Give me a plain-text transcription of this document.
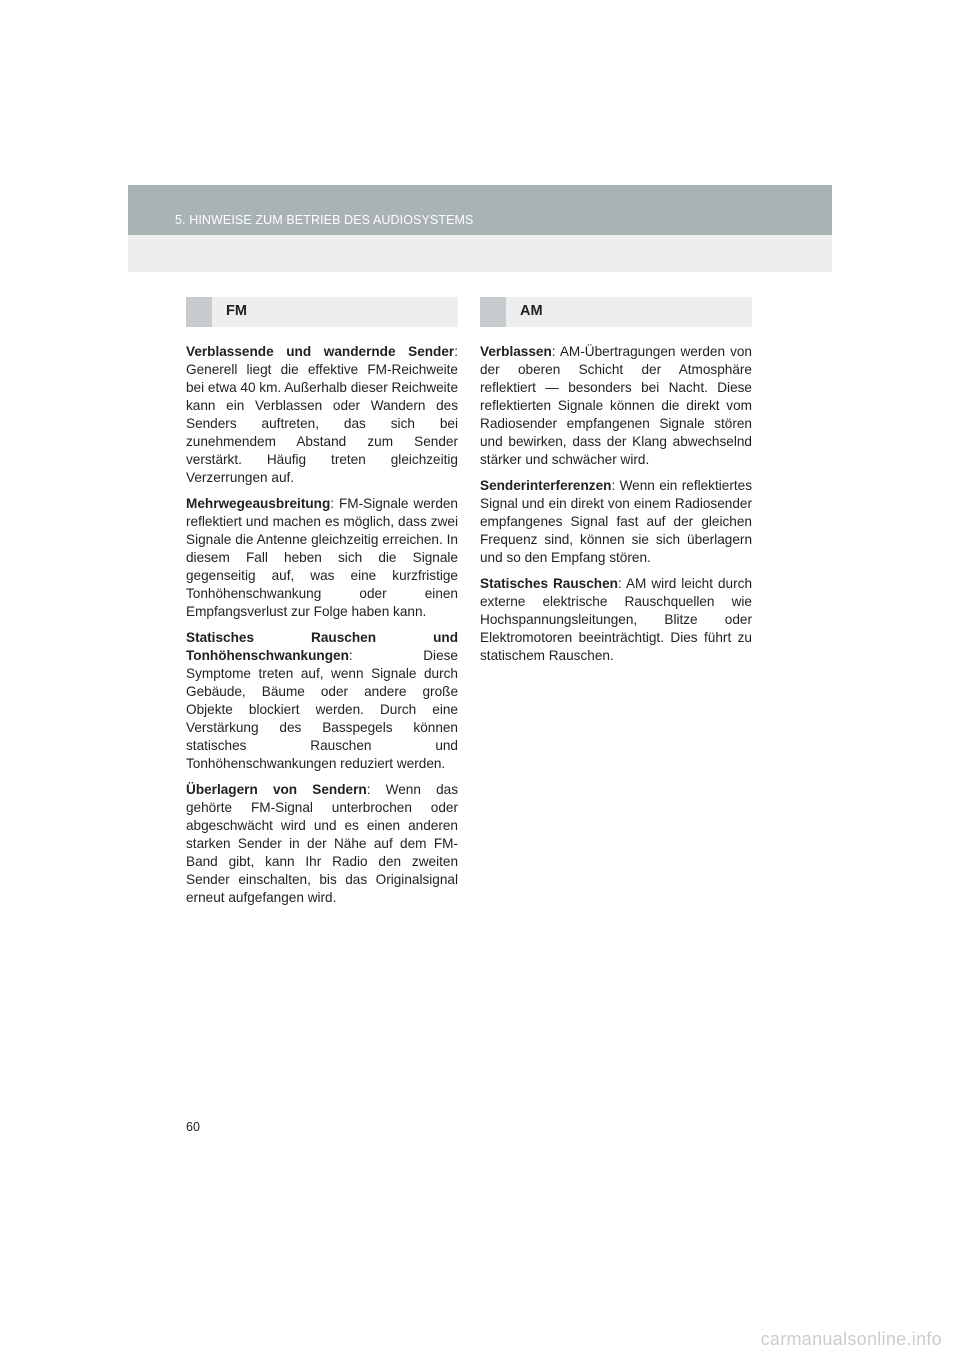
5. HINWEISE ZUM BETRIEB DES AUDIOSYSTEMS
FM

Verblassende und wandernde Sender: Generell liegt die effektive FM-Reichweite bei etwa 40 km. Außerhalb dieser Reichweite kann ein Verblassen oder Wandern des Senders auftreten, das sich bei zunehmendem Abstand zum Sender verstärkt. Häufig treten gleichzeitig Verzerrungen auf.

Mehrwegeausbreitung: FM-Signale werden reflektiert und machen es möglich, dass zwei Signale die Antenne gleichzeitig erreichen. In diesem Fall heben sich die Signale gegenseitig auf, was eine kurzfristige Tonhöhenschwankung oder einen Empfangsverlust zur Folge haben kann.

Statisches Rauschen und Tonhöhenschwankungen: Diese Symptome treten auf, wenn Signale durch Gebäude, Bäume oder andere große Objekte blockiert werden. Durch eine Verstärkung des Basspegels können statisches Rauschen und Tonhöhenschwankungen reduziert werden.

Überlagern von Sendern: Wenn das gehörte FM-Signal unterbrochen oder abgeschwächt wird und es einen anderen starken Sender in der Nähe auf dem FM-Band gibt, kann Ihr Radio den zweiten Sender einschalten, bis das Originalsignal erneut aufgefangen wird.

AM

Verblassen: AM-Übertragungen werden von der oberen Schicht der Atmosphäre reflektiert — besonders bei Nacht. Diese reflektierten Signale können die direkt vom Radiosender empfangenen Signale stören und bewirken, dass der Klang abwechselnd stärker und schwächer wird.

Senderinterferenzen: Wenn ein reflektiertes Signal und ein direkt von einem Radiosender empfangenes Signal fast auf der gleichen Frequenz sind, können sie sich überlagern und so den Empfang stören.

Statisches Rauschen: AM wird leicht durch externe elektrische Rauschquellen wie Hochspannungsleitungen, Blitze oder Elektromotoren beeinträchtigt. Dies führt zu statischem Rauschen.

60
carmanualsonline.info
